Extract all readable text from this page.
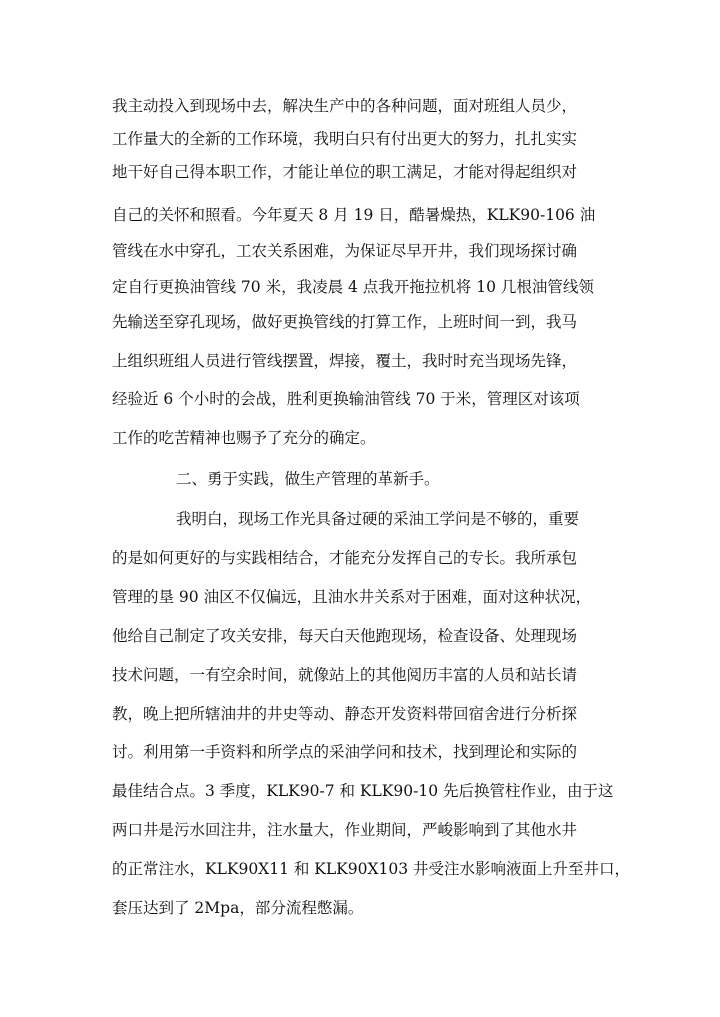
我主动投入到现场中去，解决生产中的各种问题，面对班组人员少，
工作量大的全新的工作环境，我明白只有付出更大的努力，扎扎实实
地干好自己得本职工作，才能让单位的职工满足，才能对得起组织对
自己的关怀和照看。今年夏天 8 月 19 日，酷暑燥热，KLK90-106 油
管线在水中穿孔，工农关系困难，为保证尽早开井，我们现场探讨确
定自行更换油管线 70 米，我凌晨 4 点我开拖拉机将 10 几根油管线领
先输送至穿孔现场，做好更换管线的打算工作，上班时间一到，我马
上组织班组人员进行管线摆置，焊接，覆土，我时时充当现场先锋，
经验近 6 个小时的会战，胜利更换输油管线 70 于米，管理区对该项
工作的吃苦精神也赐予了充分的确定。
二、勇于实践，做生产管理的革新手。
我明白，现场工作光具备过硬的采油工学问是不够的，重要
的是如何更好的与实践相结合，才能充分发挥自己的专长。我所承包
管理的垦 90 油区不仅偏远，且油水井关系对于困难，面对这种状况，
他给自己制定了攻关安排，每天白天他跑现场，检查设备、处理现场
技术问题，一有空余时间，就像站上的其他阅历丰富的人员和站长请
教，晚上把所辖油井的井史等动、静态开发资料带回宿舍进行分析探
讨。利用第一手资料和所学点的采油学问和技术，找到理论和实际的
最佳结合点。3 季度，KLK90-7 和 KLK90-10 先后换管柱作业，由于这
两口井是污水回注井，注水量大，作业期间，严峻影响到了其他水井
的正常注水，KLK90X11 和 KLK90X103 井受注水影响液面上升至井口，
套压达到了 2Mpa，部分流程憋漏。
